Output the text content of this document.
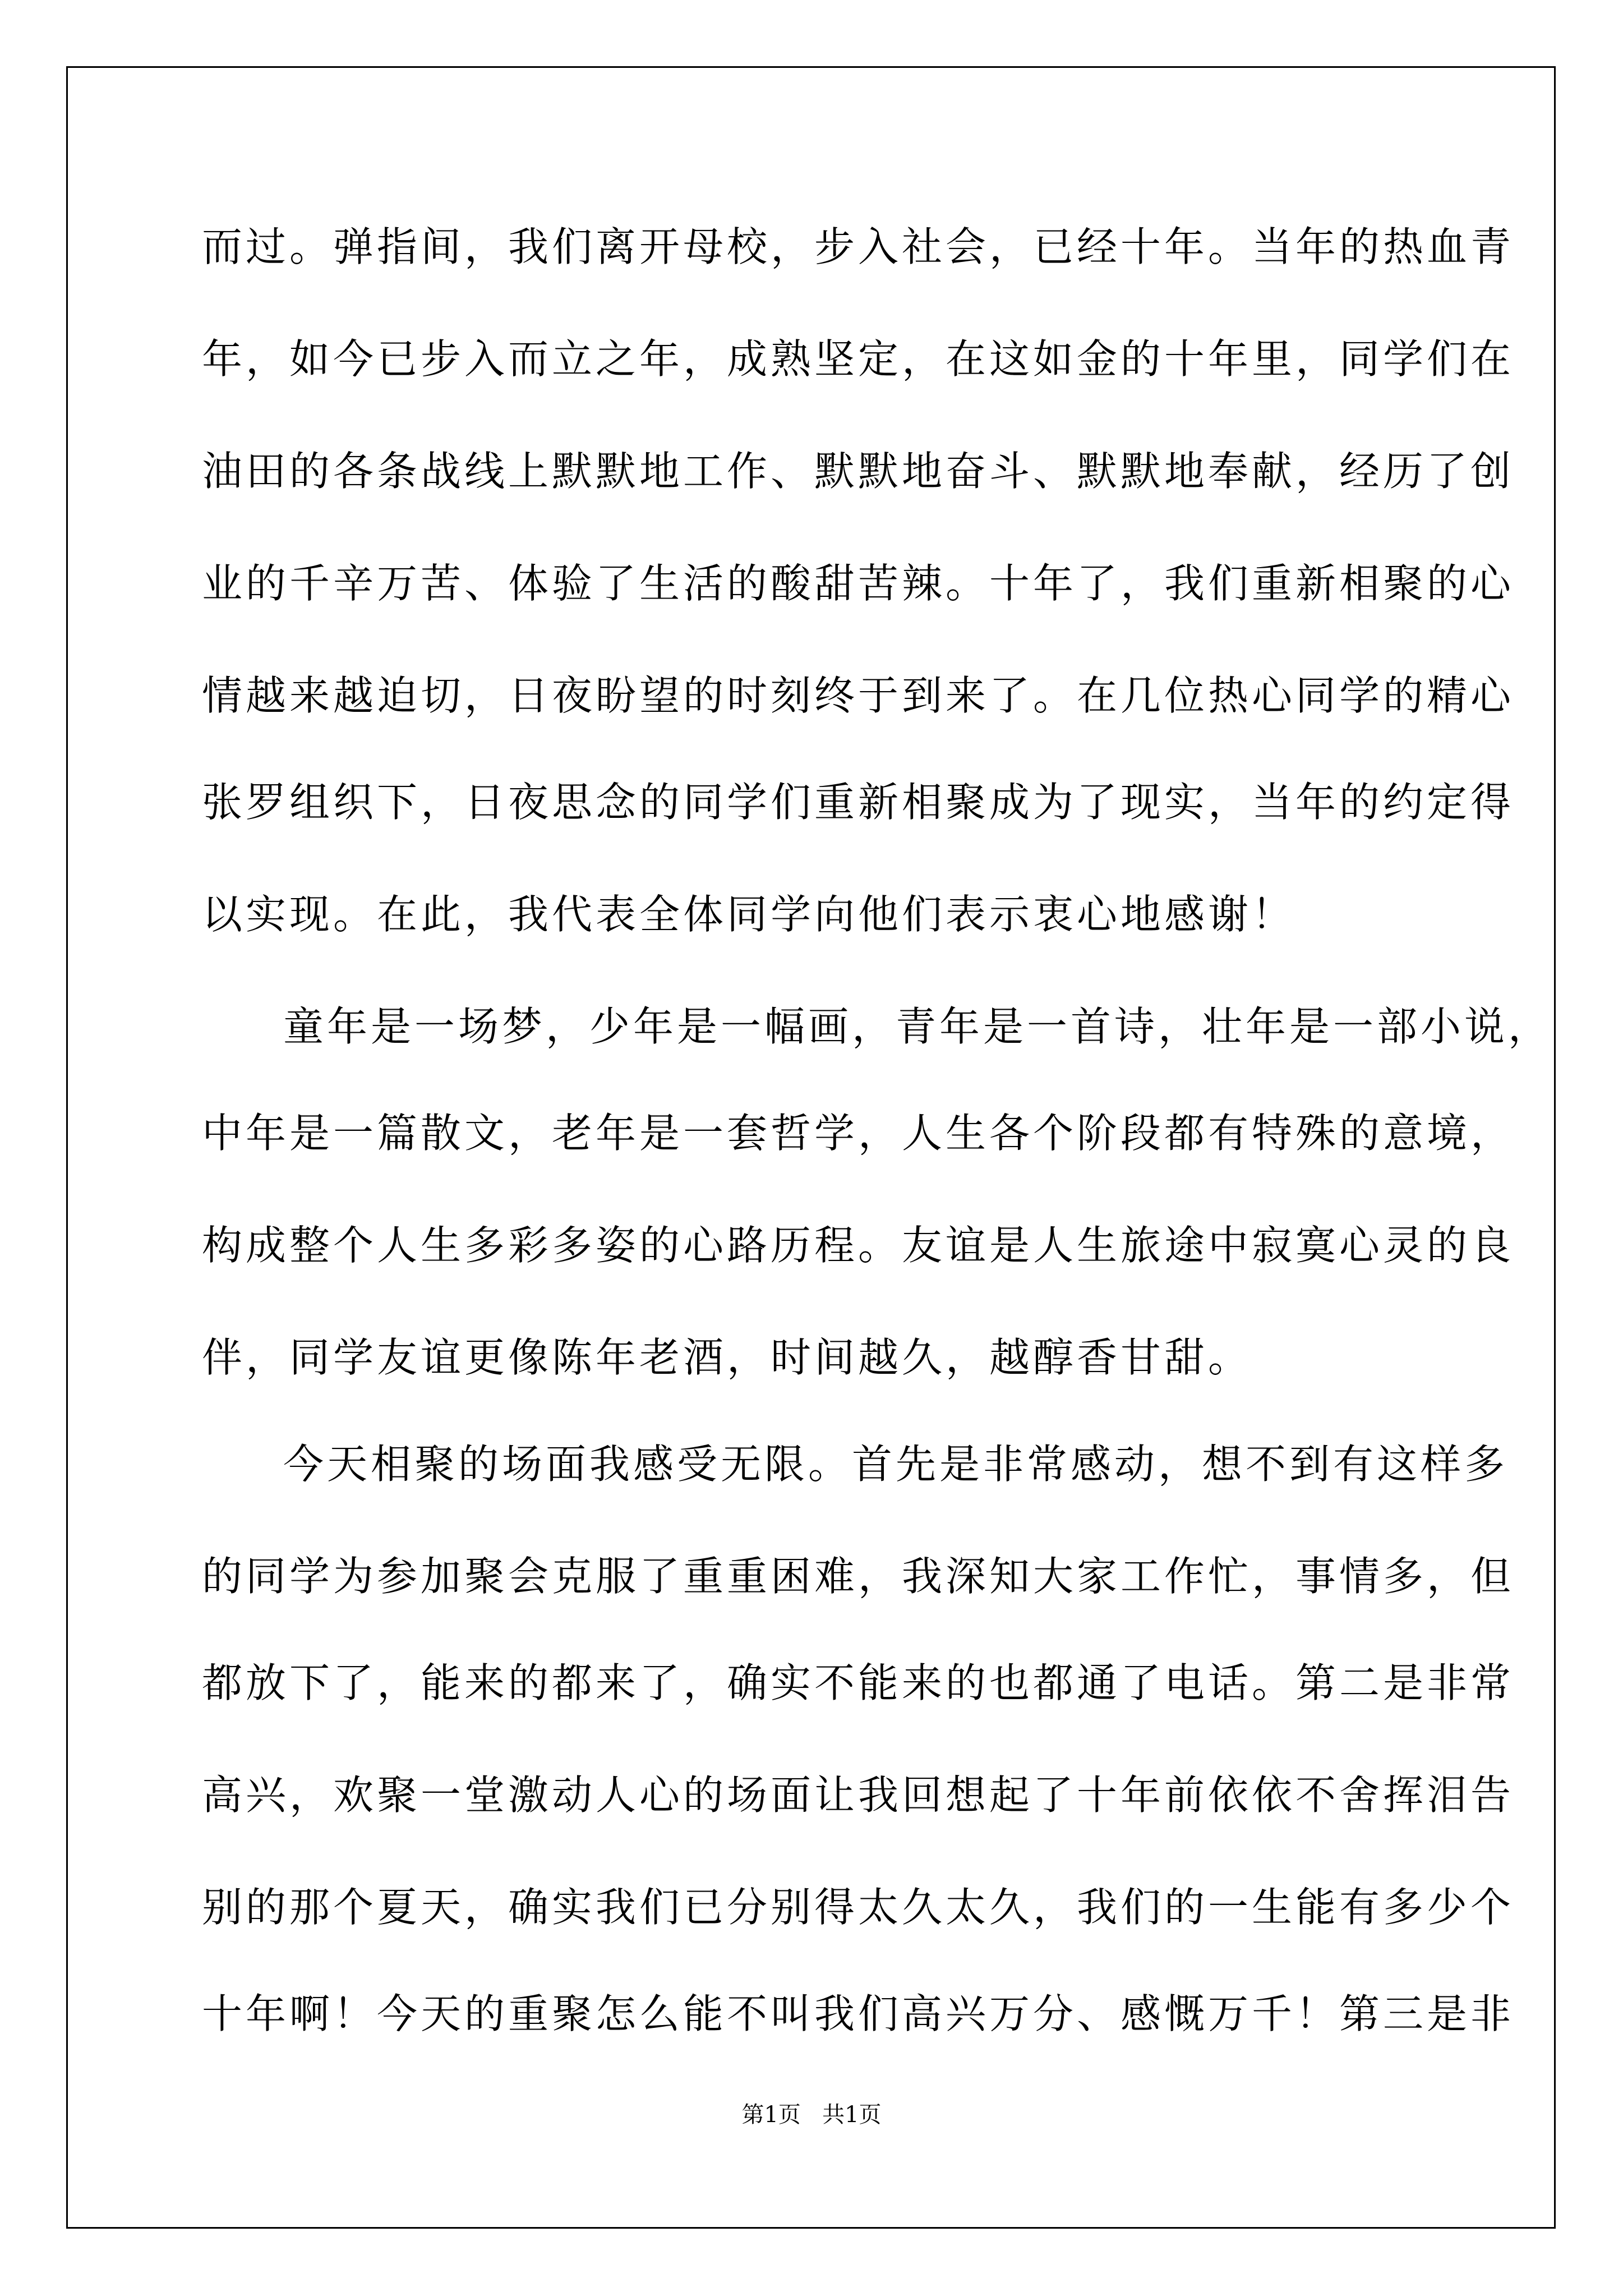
而过。弹指间，我们离开母校，步入社会，已经十年。当年的热血青
年，如今已步入而立之年，成熟坚定，在这如金的十年里，同学们在
油田的各条战线上默默地工作、默默地奋斗、默默地奉献，经历了创
业的千辛万苦、体验了生活的酸甜苦辣。十年了，我们重新相聚的心
情越来越迫切，日夜盼望的时刻终于到来了。在几位热心同学的精心
张罗组织下，日夜思念的同学们重新相聚成为了现实，当年的约定得
以实现。在此，我代表全体同学向他们表示衷心地感谢！
童年是一场梦，少年是一幅画，青年是一首诗，壮年是一部小说，
中年是一篇散文，老年是一套哲学，人生各个阶段都有特殊的意境，
构成整个人生多彩多姿的心路历程。友谊是人生旅途中寂寞心灵的良
伴，同学友谊更像陈年老酒，时间越久，越醇香甘甜。
今天相聚的场面我感受无限。首先是非常感动，想不到有这样多
的同学为参加聚会克服了重重困难，我深知大家工作忙，事情多，但
都放下了，能来的都来了，确实不能来的也都通了电话。第二是非常
高兴，欢聚一堂激动人心的场面让我回想起了十年前依依不舍挥泪告
别的那个夏天，确实我们已分别得太久太久，我们的一生能有多少个
十年啊！今天的重聚怎么能不叫我们高兴万分、感慨万千！第三是非
第1页 共1页
